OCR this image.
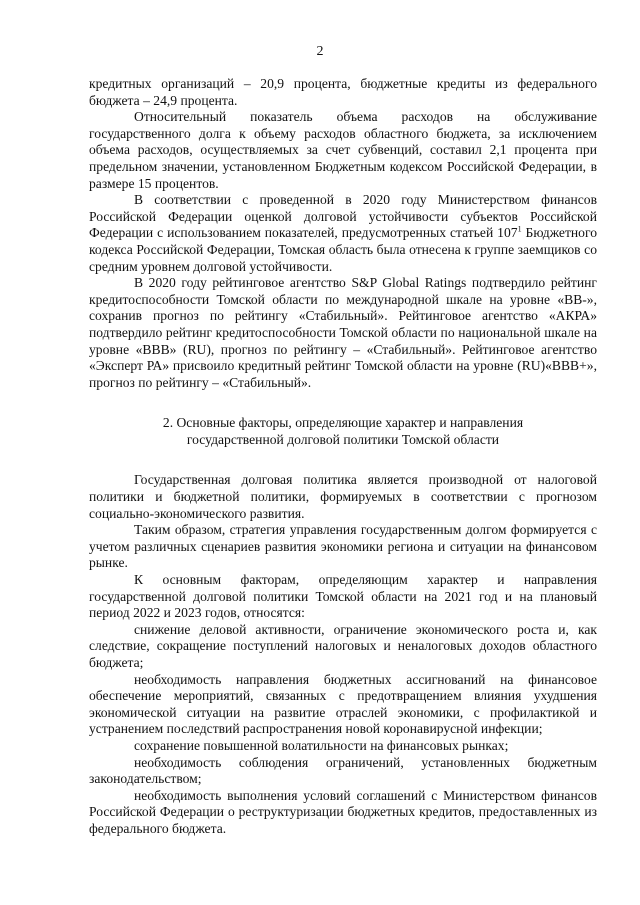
2

кредитных организаций – 20,9 процента, бюджетные кредиты из федерального бюджета – 24,9 процента.

Относительный показатель объема расходов на обслуживание государственного долга к объему расходов областного бюджета, за исключением объема расходов, осуществляемых за счет субвенций, составил 2,1 процента при предельном значении, установленном Бюджетным кодексом Российской Федерации, в размере 15 процентов.

В соответствии с проведенной в 2020 году Министерством финансов Российской Федерации оценкой долговой устойчивости субъектов Российской Федерации с использованием показателей, предусмотренных статьей $107^1$ Бюджетного кодекса Российской Федерации, Томская область была отнесена к группе заемщиков со средним уровнем долговой устойчивости.

В 2020 году рейтинговое агентство S&P Global Ratings подтвердило рейтинг кредитоспособности Томской области по международной шкале на уровне «BB-», сохранив прогноз по рейтингу «Стабильный». Рейтинговое агентство «АКРА» подтвердило рейтинг кредитоспособности Томской области по национальной шкале на уровне «BBB» (RU), прогноз по рейтингу – «Стабильный». Рейтинговое агентство «Эксперт РА» присвоило кредитный рейтинг Томской области на уровне (RU)«BBB+», прогноз по рейтингу – «Стабильный».

2. Основные факторы, определяющие характер и направления
государственной долговой политики Томской области

Государственная долговая политика является производной от налоговой политики и бюджетной политики, формируемых в соответствии с прогнозом социально-экономического развития.

Таким образом, стратегия управления государственным долгом формируется с учетом различных сценариев развития экономики региона и ситуации на финансовом рынке.

К основным факторам, определяющим характер и направления государственной долговой политики Томской области на 2021 год и на плановый период 2022 и 2023 годов, относятся:

снижение деловой активности, ограничение экономического роста и, как следствие, сокращение поступлений налоговых и неналоговых доходов областного бюджета;

необходимость направления бюджетных ассигнований на финансовое обеспечение мероприятий, связанных с предотвращением влияния ухудшения экономической ситуации на развитие отраслей экономики, с профилактикой и устранением последствий распространения новой коронавирусной инфекции;

сохранение повышенной волатильности на финансовых рынках;

необходимость соблюдения ограничений, установленных бюджетным законодательством;

необходимость выполнения условий соглашений с Министерством финансов Российской Федерации о реструктуризации бюджетных кредитов, предоставленных из федерального бюджета.
